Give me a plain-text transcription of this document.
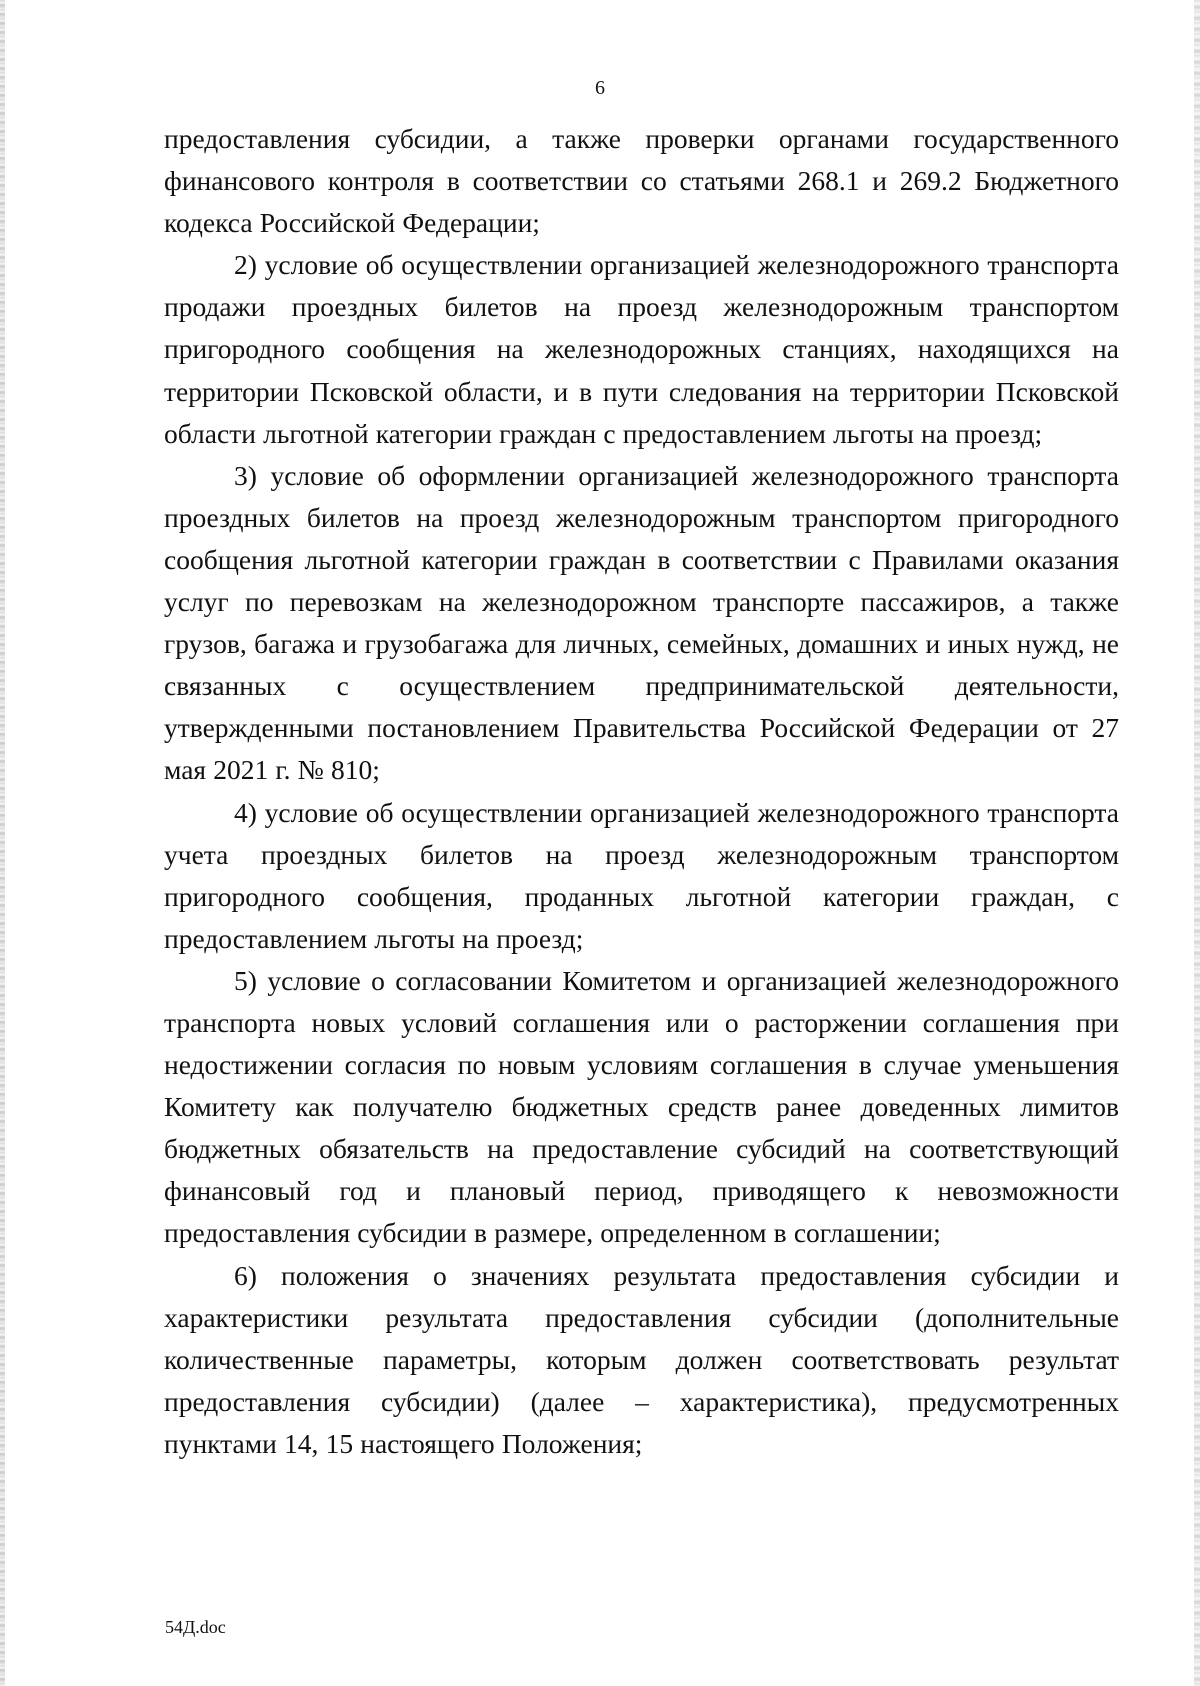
6

предоставления субсидии, а также проверки органами государственного финансового контроля в соответствии со статьями 268.1 и 269.2 Бюджетного кодекса Российской Федерации;

2) условие об осуществлении организацией железнодорожного транспорта продажи проездных билетов на проезд железнодорожным транспортом пригородного сообщения на железнодорожных станциях, находящихся на территории Псковской области, и в пути следования на территории Псковской области льготной категории граждан с предоставлением льготы на проезд;

3) условие об оформлении организацией железнодорожного транспорта проездных билетов на проезд железнодорожным транспортом пригородного сообщения льготной категории граждан в соответствии с Правилами оказания услуг по перевозкам на железнодорожном транспорте пассажиров, а также грузов, багажа и грузобагажа для личных, семейных, домашних и иных нужд, не связанных с осуществлением предпринимательской деятельности, утвержденными постановлением Правительства Российской Федерации от 27 мая 2021 г. № 810;

4) условие об осуществлении организацией железнодорожного транспорта учета проездных билетов на проезд железнодорожным транспортом пригородного сообщения, проданных льготной категории граждан, с предоставлением льготы на проезд;

5) условие о согласовании Комитетом и организацией железнодорожного транспорта новых условий соглашения или о расторжении соглашения при недостижении согласия по новым условиям соглашения в случае уменьшения Комитету как получателю бюджетных средств ранее доведенных лимитов бюджетных обязательств на предоставление субсидий на соответствующий финансовый год и плановый период, приводящего к невозможности предоставления субсидии в размере, определенном в соглашении;

6) положения о значениях результата предоставления субсидии и характеристики результата предоставления субсидии (дополнительные количественные параметры, которым должен соответствовать результат предоставления субсидии) (далее – характеристика), предусмотренных пунктами 14, 15 настоящего Положения;

54Д.doc
